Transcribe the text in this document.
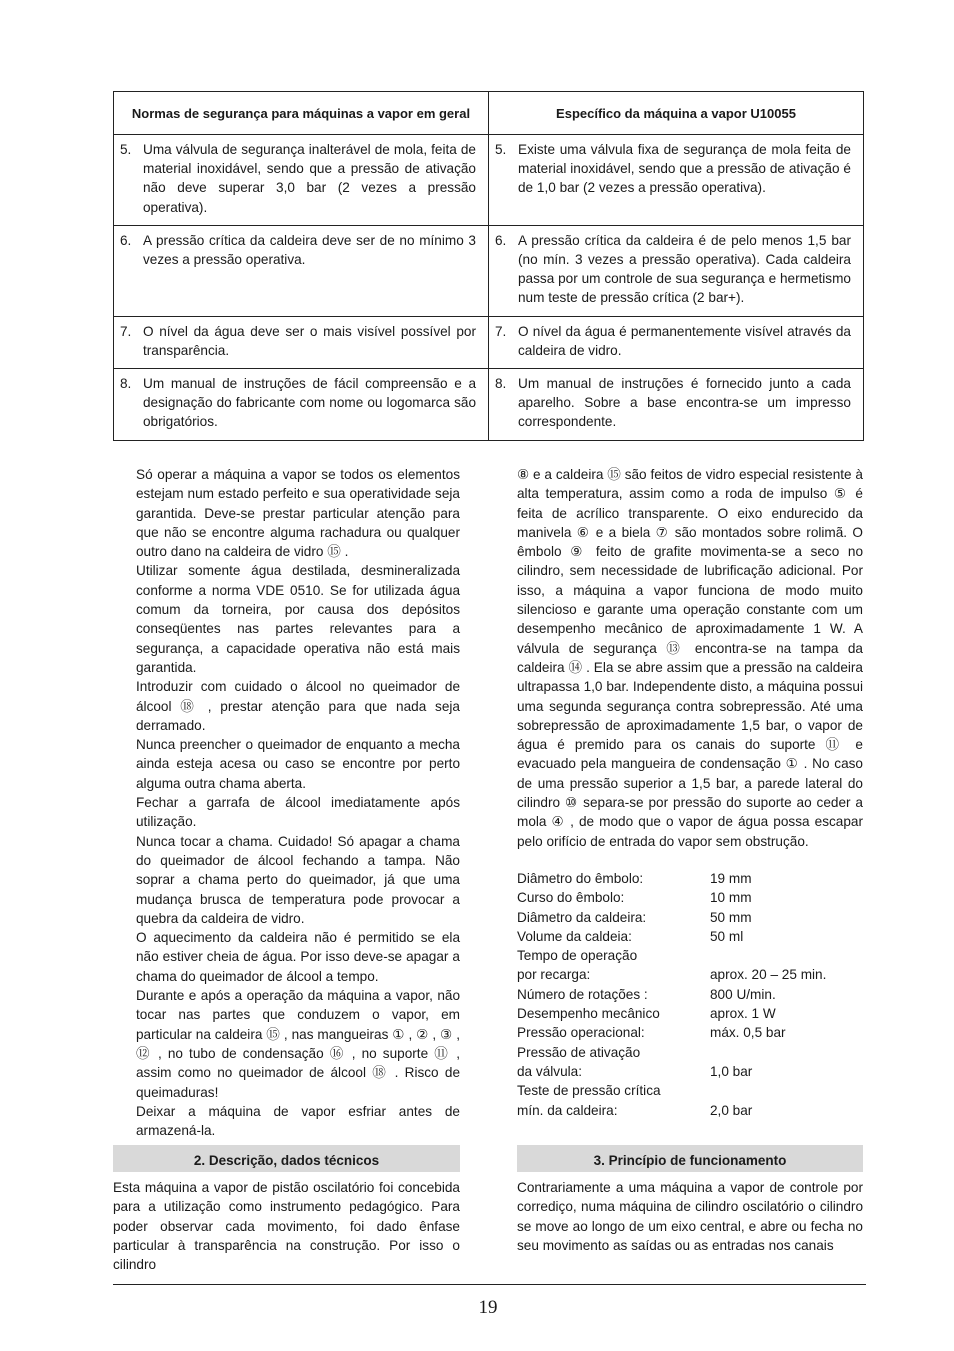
Normas de segurança para máquinas a vapor em geral	Específico da máquina a vapor U10055

5. Uma válvula de segurança inalterável de mola, feita de material inoxidável, sendo que a pressão de ativação não deve superar 3,0 bar (2 vezes a pressão operativa).	5. Existe uma válvula fixa de segurança de mola feita de material inoxidável, sendo que a pressão de ativação é de 1,0 bar (2 vezes a pressão operativa).

6. A pressão crítica da caldeira deve ser de no mínimo 3 vezes a pressão operativa.	6. A pressão crítica da caldeira é de pelo menos 1,5 bar (no mín. 3 vezes a pressão operativa). Cada caldeira passa por um controle de sua segurança e hermetismo num teste de pressão crítica (2 bar+).

7. O nível da água deve ser o mais visível possível por transparência.	7. O nível da água é permanentemente visível através da caldeira de vidro.

8. Um manual de instruções de fácil compreensão e a designação do fabricante com nome ou logomarca são obrigatórios.	8. Um manual de instruções é fornecido junto a cada aparelho. Sobre a base encontra-se um impresso correspondente.

Só operar a máquina a vapor se todos os elementos estejam num estado perfeito e sua operatividade seja garantida. Deve-se prestar particular atenção para que não se encontre alguma rachadura ou qualquer outro dano na caldeira de vidro ⑮ .

Utilizar somente água destilada, desmineralizada conforme a norma VDE 0510. Se for utilizada água comum da torneira, por causa dos depósitos conseqüentes nas partes relevantes para a segurança, a capacidade operativa não está mais garantida.

Introduzir com cuidado o álcool no queimador de álcool ⑱ , prestar atenção para que nada seja derramado.

Nunca preencher o queimador de enquanto a mecha ainda esteja acesa ou caso se encontre por perto alguma outra chama aberta.

Fechar a garrafa de álcool imediatamente após utilização.

Nunca tocar a chama. Cuidado! Só apagar a chama do queimador de álcool fechando a tampa. Não soprar a chama perto do queimador, já que uma mudança brusca de temperatura pode provocar a quebra da caldeira de vidro.

O aquecimento da caldeira não é permitido se ela não estiver cheia de água. Por isso deve-se apagar a chama do queimador de álcool a tempo.

Durante e após a operação da máquina a vapor, não tocar nas partes que conduzem o vapor, em particular na caldeira ⑮ , nas mangueiras ① , ② , ③ , ⑫ , no tubo de condensação ⑯ , no suporte ⑪ , assim como no queimador de álcool ⑱ . Risco de queimaduras!

Deixar a máquina de vapor esfriar antes de armazená-la.

⑧ e a caldeira ⑮ são feitos de vidro especial resistente à alta temperatura, assim como a roda de impulso ⑤ é feita de acrílico transparente. O eixo endurecido da manivela ⑥ e a biela ⑦ são montados sobre rolimã. O êmbolo ⑨ feito de grafite movimenta-se a seco no cilindro, sem necessidade de lubrificação adicional. Por isso, a máquina a vapor funciona de modo muito silencioso e garante uma operação constante com um desempenho mecânico de aproximadamente 1 W. A válvula de segurança ⑬ encontra-se na tampa da caldeira ⑭ . Ela se abre assim que a pressão na caldeira ultrapassa 1,0 bar. Independente disto, a máquina possui uma segunda segurança contra sobrepressão. Até uma sobrepressão de aproximadamente 1,5 bar, o vapor de água é premido para os canais do suporte ⑪ e evacuado pela mangueira de condensação ① . No caso de uma pressão superior a 1,5 bar, a parede lateral do cilindro ⑩ separa-se por pressão do suporte ao ceder a mola ④ , de modo que o vapor de água possa escapar pelo orifício de entrada do vapor sem obstrução.

Diâmetro do êmbolo:	19 mm
Curso do êmbolo:	10 mm
Diâmetro da caldeira:	50 mm
Volume da caldeia:	50 ml
Tempo de operação
por recarga:	aprox. 20 – 25 min.
Número de rotações :	800 U/min.
Desempenho mecânico	aprox. 1 W
Pressão operacional:	máx. 0,5 bar
Pressão de ativação
da válvula:	1,0 bar
Teste de pressão crítica
mín. da caldeira:	2,0 bar
2. Descrição, dados técnicos	3. Princípio de funcionamento

Esta máquina a vapor de pistão oscilatório foi concebida para a utilização como instrumento pedagógico. Para poder observar cada movimento, foi dado ênfase particular à transparência na construção. Por isso o cilindro

Contrariamente a uma máquina a vapor de controle por corrediço, numa máquina de cilindro oscilatório o cilindro se move ao longo de um eixo central, e abre ou fecha no seu movimento as saídas ou as entradas nos canais

19
